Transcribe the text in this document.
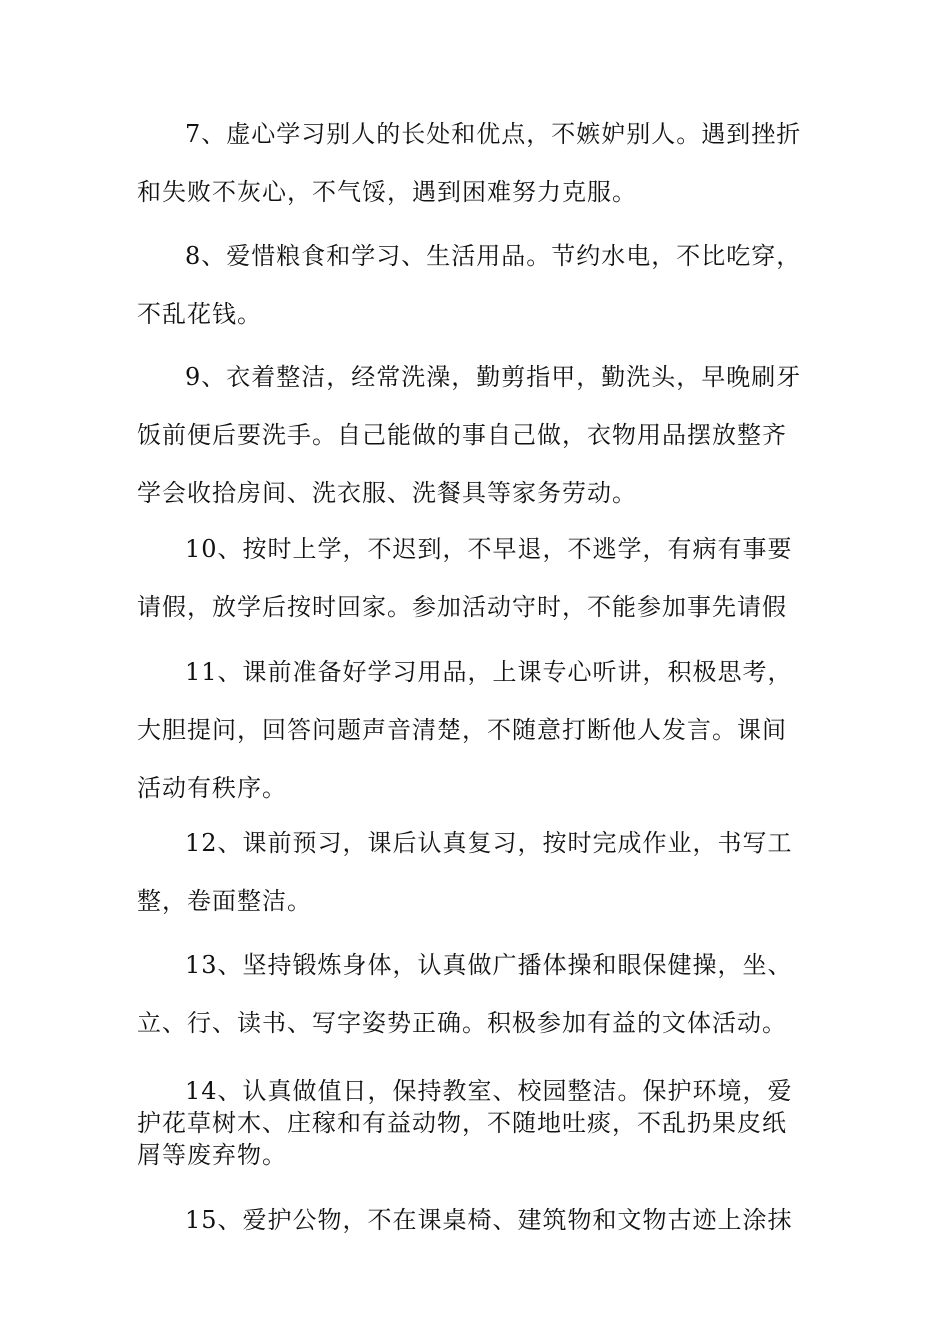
7、虚心学习别人的长处和优点，不嫉妒别人。遇到挫折
和失败不灰心，不气馁，遇到困难努力克服。
8、爱惜粮食和学习、生活用品。节约水电，不比吃穿，
不乱花钱。
9、衣着整洁，经常洗澡，勤剪指甲，勤洗头，早晚刷牙
饭前便后要洗手。自己能做的事自己做，衣物用品摆放整齐
学会收拾房间、洗衣服、洗餐具等家务劳动。
10、按时上学，不迟到，不早退，不逃学，有病有事要
请假，放学后按时回家。参加活动守时，不能参加事先请假
11、课前准备好学习用品，上课专心听讲，积极思考，
大胆提问，回答问题声音清楚，不随意打断他人发言。课间
活动有秩序。
12、课前预习，课后认真复习，按时完成作业，书写工
整，卷面整洁。
13、坚持锻炼身体，认真做广播体操和眼保健操，坐、
立、行、读书、写字姿势正确。积极参加有益的文体活动。
14、认真做值日，保持教室、校园整洁。保护环境，爱
护花草树木、庄稼和有益动物，不随地吐痰，不乱扔果皮纸
屑等废弃物。
15、爱护公物，不在课桌椅、建筑物和文物古迹上涂抹
